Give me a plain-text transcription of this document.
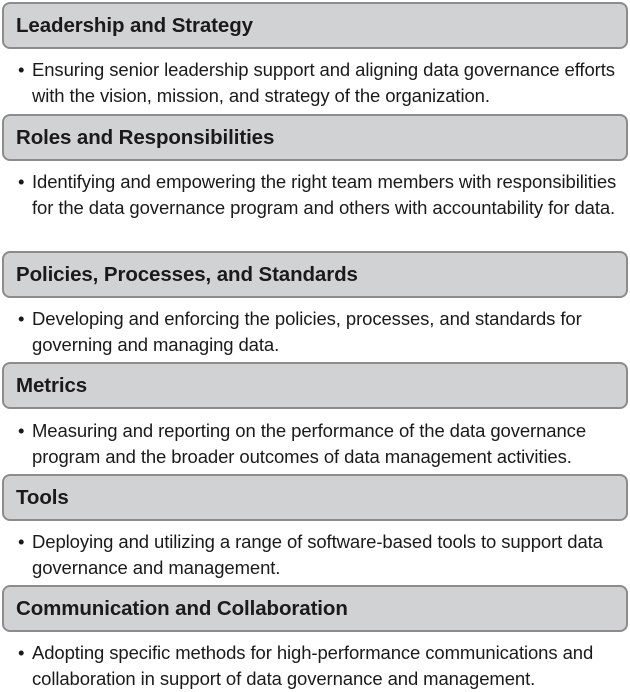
Leadership and Strategy
• Ensuring senior leadership support and aligning data governance efforts with the vision, mission, and strategy of the organization.
Roles and Responsibilities
• Identifying and empowering the right team members with responsibilities for the data governance program and others with accountability for data.
Policies, Processes, and Standards
• Developing and enforcing the policies, processes, and standards for governing and managing data.
Metrics
• Measuring and reporting on the performance of the data governance program and the broader outcomes of data management activities.
Tools
• Deploying and utilizing a range of software-based tools to support data governance and management.
Communication and Collaboration
• Adopting specific methods for high-performance communications and collaboration in support of data governance and management.
